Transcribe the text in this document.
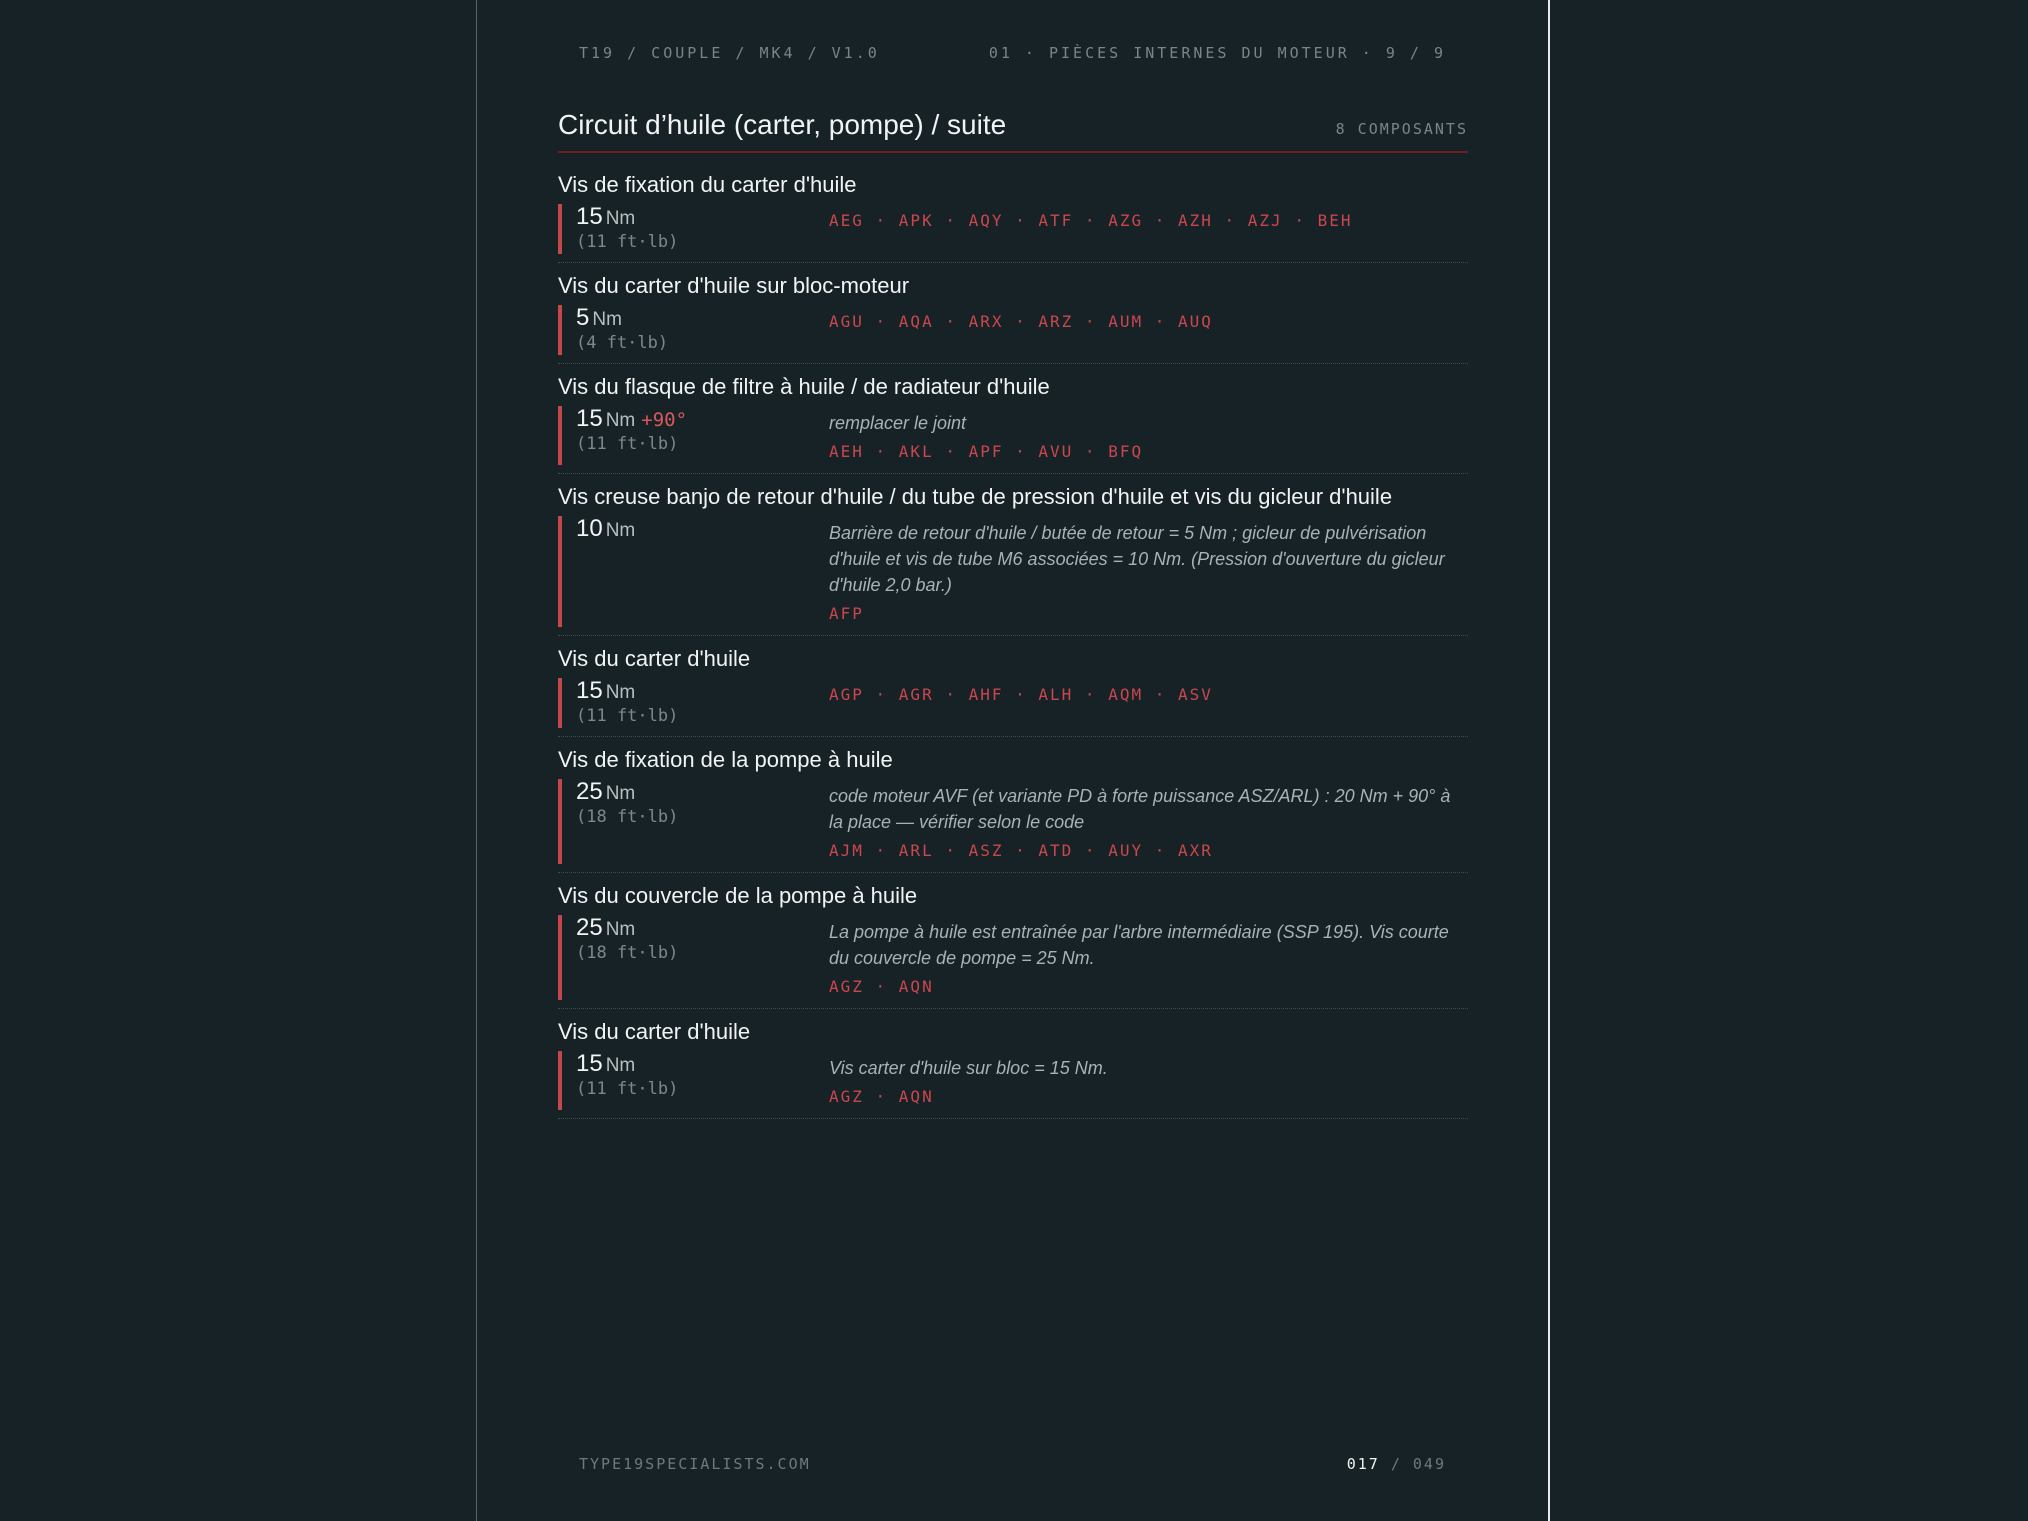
T19 / COUPLE / MK4 / V1.0	01 · PIÈCES INTERNES DU MOTEUR · 9 / 9
Circuit d’huile (carter, pompe) / suite	8 COMPOSANTS
Vis de fixation du carter d'huile
15 Nm
(11 ft·lb)
AEG · APK · AQY · ATF · AZG · AZH · AZJ · BEH
Vis du carter d'huile sur bloc-moteur
5 Nm
(4 ft·lb)
AGU · AQA · ARX · ARZ · AUM · AUQ
Vis du flasque de filtre à huile / de radiateur d'huile
15 Nm +90°
(11 ft·lb)
remplacer le joint
AEH · AKL · APF · AVU · BFQ
Vis creuse banjo de retour d'huile / du tube de pression d'huile et vis du gicleur d'huile
10 Nm	Barrière de retour d'huile / butée de retour = 5 Nm ; gicleur de pulvérisation d'huile et vis de tube M6 associées = 10 Nm. (Pression d'ouverture du gicleur d'huile 2,0 bar.)
AFP
Vis du carter d'huile
15 Nm
(11 ft·lb)
AGP · AGR · AHF · ALH · AQM · ASV
Vis de fixation de la pompe à huile
25 Nm
(18 ft·lb)
code moteur AVF (et variante PD à forte puissance ASZ/ARL) : 20 Nm + 90° à la place — vérifier selon le code
AJM · ARL · ASZ · ATD · AUY · AXR
Vis du couvercle de la pompe à huile
25 Nm
(18 ft·lb)
La pompe à huile est entraînée par l'arbre intermédiaire (SSP 195). Vis courte du couvercle de pompe = 25 Nm.
AGZ · AQN
Vis du carter d'huile
15 Nm
(11 ft·lb)
Vis carter d'huile sur bloc = 15 Nm.
AGZ · AQN
TYPE19SPECIALISTS.COM	017 / 049
